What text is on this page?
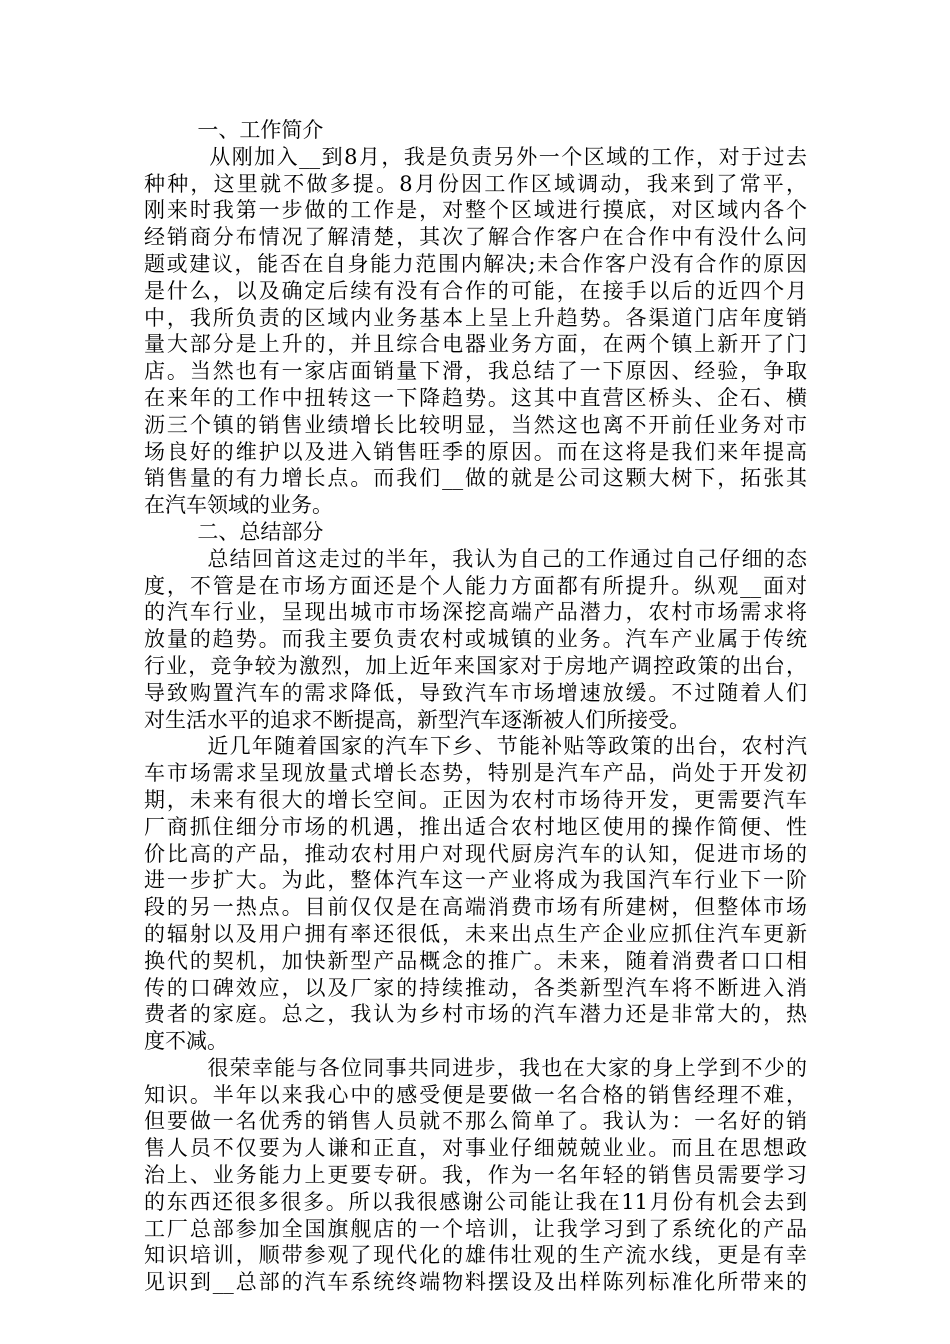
一、工作简介
从刚加入__到8月，我是负责另外一个区域的工作，对于过去
种种，这里就不做多提。8月份因工作区域调动，我来到了常平，
刚来时我第一步做的工作是，对整个区域进行摸底，对区域内各个
经销商分布情况了解清楚，其次了解合作客户在合作中有没什么问
题或建议，能否在自身能力范围内解决;未合作客户没有合作的原因
是什么，以及确定后续有没有合作的可能，在接手以后的近四个月
中，我所负责的区域内业务基本上呈上升趋势。各渠道门店年度销
量大部分是上升的，并且综合电器业务方面，在两个镇上新开了门
店。当然也有一家店面销量下滑，我总结了一下原因、经验，争取
在来年的工作中扭转这一下降趋势。这其中直营区桥头、企石、横
沥三个镇的销售业绩增长比较明显，当然这也离不开前任业务对市
场良好的维护以及进入销售旺季的原因。而在这将是我们来年提高
销售量的有力增长点。而我们__做的就是公司这颗大树下，拓张其
在汽车领域的业务。
二、总结部分
总结回首这走过的半年，我认为自己的工作通过自己仔细的态
度，不管是在市场方面还是个人能力方面都有所提升。纵观__面对
的汽车行业，呈现出城市市场深挖高端产品潜力，农村市场需求将
放量的趋势。而我主要负责农村或城镇的业务。汽车产业属于传统
行业，竞争较为激烈，加上近年来国家对于房地产调控政策的出台，
导致购置汽车的需求降低，导致汽车市场增速放缓。不过随着人们
对生活水平的追求不断提高，新型汽车逐渐被人们所接受。
近几年随着国家的汽车下乡、节能补贴等政策的出台，农村汽
车市场需求呈现放量式增长态势，特别是汽车产品，尚处于开发初
期，未来有很大的增长空间。正因为农村市场待开发，更需要汽车
厂商抓住细分市场的机遇，推出适合农村地区使用的操作简便、性
价比高的产品，推动农村用户对现代厨房汽车的认知，促进市场的
进一步扩大。为此，整体汽车这一产业将成为我国汽车行业下一阶
段的另一热点。目前仅仅是在高端消费市场有所建树，但整体市场
的辐射以及用户拥有率还很低，未来出点生产企业应抓住汽车更新
换代的契机，加快新型产品概念的推广。未来，随着消费者口口相
传的口碑效应，以及厂家的持续推动，各类新型汽车将不断进入消
费者的家庭。总之，我认为乡村市场的汽车潜力还是非常大的，热
度不减。
很荣幸能与各位同事共同进步，我也在大家的身上学到不少的
知识。半年以来我心中的感受便是要做一名合格的销售经理不难，
但要做一名优秀的销售人员就不那么简单了。我认为：一名好的销
售人员不仅要为人谦和正直，对事业仔细兢兢业业。而且在思想政
治上、业务能力上更要专研。我，作为一名年轻的销售员需要学习
的东西还很多很多。所以我很感谢公司能让我在11月份有机会去到
工厂总部参加全国旗舰店的一个培训，让我学习到了系统化的产品
知识培训，顺带参观了现代化的雄伟壮观的生产流水线，更是有幸
见识到__总部的汽车系统终端物料摆设及出样陈列标准化所带来的
